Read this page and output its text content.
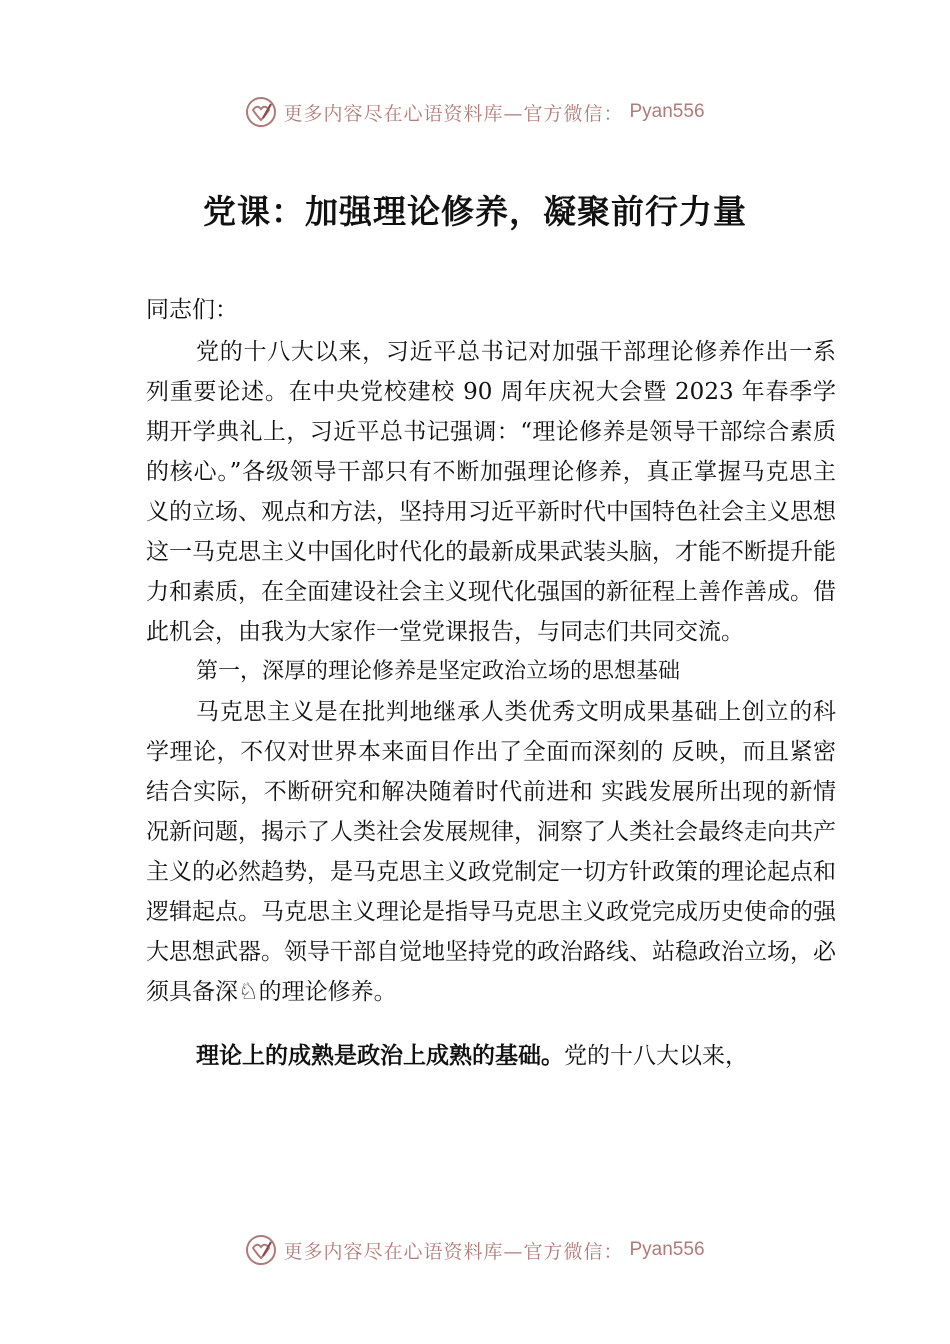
更多内容尽在心语资料库—官方微信： Pyan556
党课：加强理论修养，凝聚前行力量

同志们：

党的十八大以来，习近平总书记对加强干部理论修养作出一系列重要论述。在中央党校建校 90 周年庆祝大会暨 2023 年春季学期开学典礼上，习近平总书记强调：“理论修养是领导干部综合素质的核心。”各级领导干部只有不断加强理论修养，真正掌握马克思主义的立场、观点和方法，坚持用习近平新时代中国特色社会主义思想这一马克思主义中国化时代化的最新成果武装头脑，才能不断提升能力和素质，在全面建设社会主义现代化强国的新征程上善作善成。借此机会，由我为大家作一堂党课报告，与同志们共同交流。

第一，深厚的理论修养是坚定政治立场的思想基础

马克思主义是在批判地继承人类优秀文明成果基础上创立的科学理论，不仅对世界本来面目作出了全面而深刻的 反映，而且紧密结合实际，不断研究和解决随着时代前进和 实践发展所出现的新情况新问题，揭示了人类社会发展规律，洞察了人类社会最终走向共产主义的必然趋势，是马克思主义政党制定一切方针政策的理论起点和逻辑起点。马克思主义理论是指导马克思主义政党完成历史使命的强大思想武器。领导干部自觉地坚持党的政治路线、站稳政治立场，必 须具备深♘的理论修养。

理论上的成熟是政治上成熟的基础。党的十八大以来，

更多内容尽在心语资料库—官方微信： Pyan556
